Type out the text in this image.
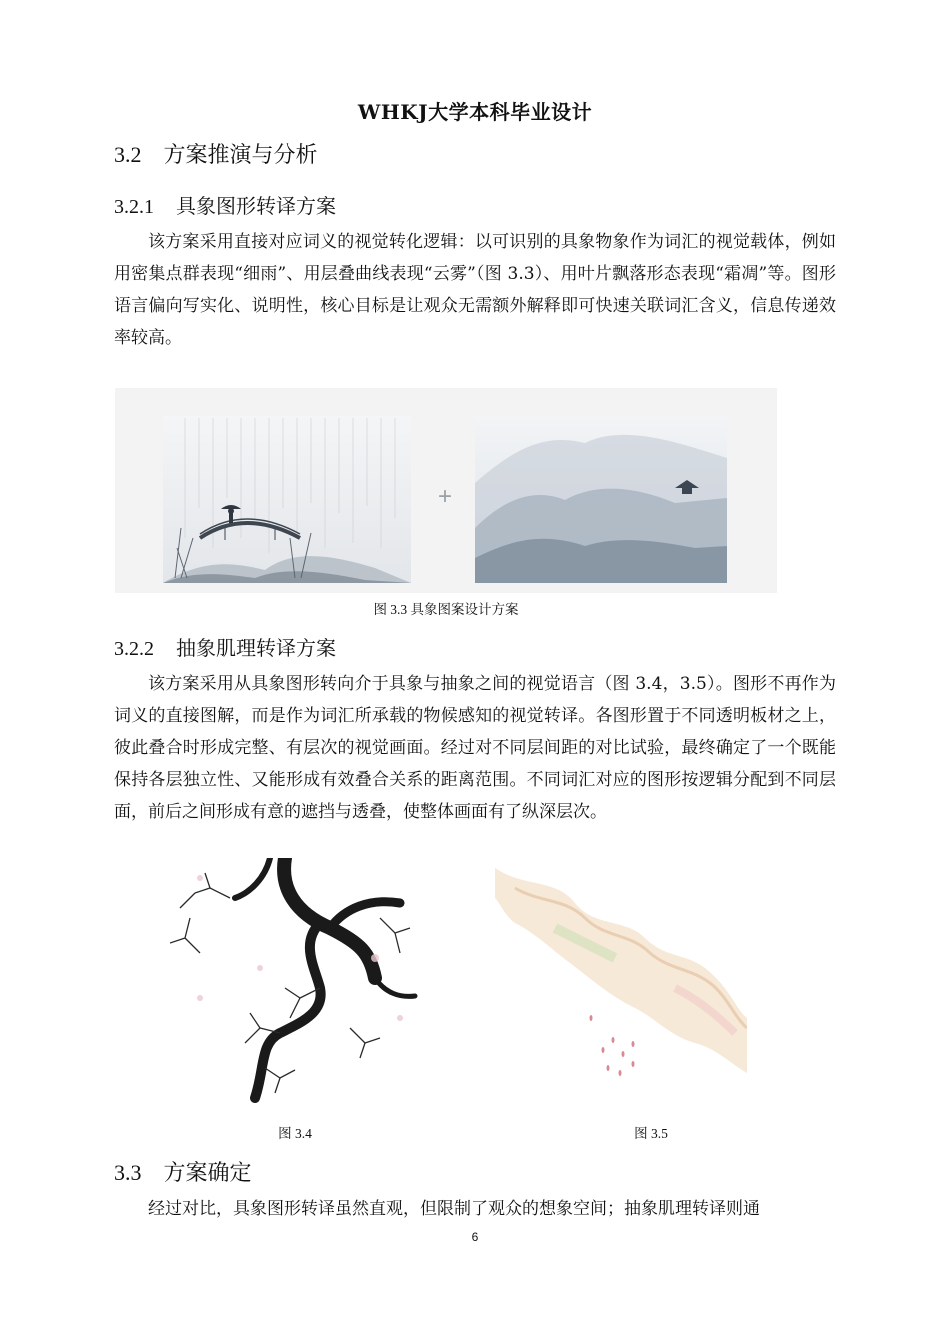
WHKJ大学本科毕业设计
3.2 方案推演与分析
3.2.1 具象图形转译方案
该方案采用直接对应词义的视觉转化逻辑：以可识别的具象物象作为词汇的视觉载体，例如用密集点群表现“细雨”、用层叠曲线表现“云雾”（图 3.3）、用叶片飘落形态表现“霜凋”等。图形语言偏向写实化、说明性，核心目标是让观众无需额外解释即可快速关联词汇含义，信息传递效率较高。
+
图 3.3 具象图案设计方案
3.2.2 抽象肌理转译方案
该方案采用从具象图形转向介于具象与抽象之间的视觉语言（图 3.4，3.5）。图形不再作为词义的直接图解，而是作为词汇所承载的物候感知的视觉转译。各图形置于不同透明板材之上，彼此叠合时形成完整、有层次的视觉画面。经过对不同层间距的对比试验，最终确定了一个既能保持各层独立性、又能形成有效叠合关系的距离范围。不同词汇对应的图形按逻辑分配到不同层面，前后之间形成有意的遮挡与透叠，使整体画面有了纵深层次。
图 3.4	图 3.5
3.3 方案确定
经过对比，具象图形转译虽然直观，但限制了观众的想象空间；抽象肌理转译则通
6
